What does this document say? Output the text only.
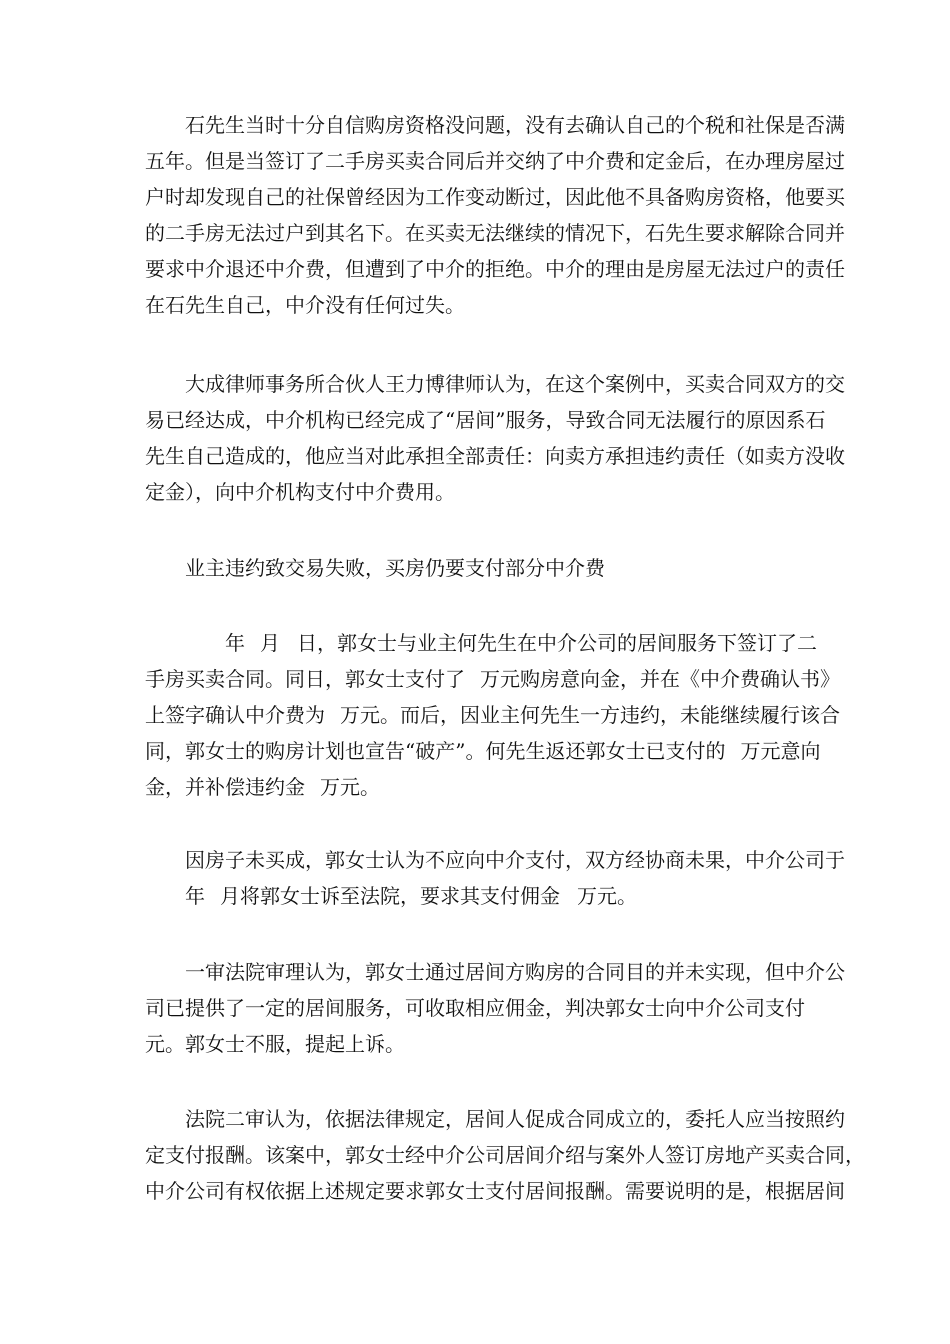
石先生当时十分自信购房资格没问题，没有去确认自己的个税和社保是否满
五年。但是当签订了二手房买卖合同后并交纳了中介费和定金后，在办理房屋过
户时却发现自己的社保曾经因为工作变动断过，因此他不具备购房资格，他要买
的二手房无法过户到其名下。在买卖无法继续的情况下，石先生要求解除合同并
要求中介退还中介费，但遭到了中介的拒绝。中介的理由是房屋无法过户的责任
在石先生自己，中介没有任何过失。
大成律师事务所合伙人王力博律师认为，在这个案例中，买卖合同双方的交
易已经达成，中介机构已经完成了“居间”服务，导致合同无法履行的原因系石
先生自己造成的，他应当对此承担全部责任：向卖方承担违约责任（如卖方没收
定金），向中介机构支付中介费用。
业主违约致交易失败，买房仍要支付部分中介费
年 月 日，郭女士与业主何先生在中介公司的居间服务下签订了二
手房买卖合同。同日，郭女士支付了 万元购房意向金，并在《中介费确认书》
上签字确认中介费为 万元。而后，因业主何先生一方违约，未能继续履行该合
同，郭女士的购房计划也宣告“破产”。何先生返还郭女士已支付的 万元意向
金，并补偿违约金 万元。
因房子未买成，郭女士认为不应向中介支付，双方经协商未果，中介公司于
年 月将郭女士诉至法院，要求其支付佣金 万元。
一审法院审理认为，郭女士通过居间方购房的合同目的并未实现，但中介公
司已提供了一定的居间服务，可收取相应佣金，判决郭女士向中介公司支付
元。郭女士不服，提起上诉。
法院二审认为，依据法律规定，居间人促成合同成立的，委托人应当按照约
定支付报酬。该案中，郭女士经中介公司居间介绍与案外人签订房地产买卖合同，
中介公司有权依据上述规定要求郭女士支付居间报酬。需要说明的是，根据居间
